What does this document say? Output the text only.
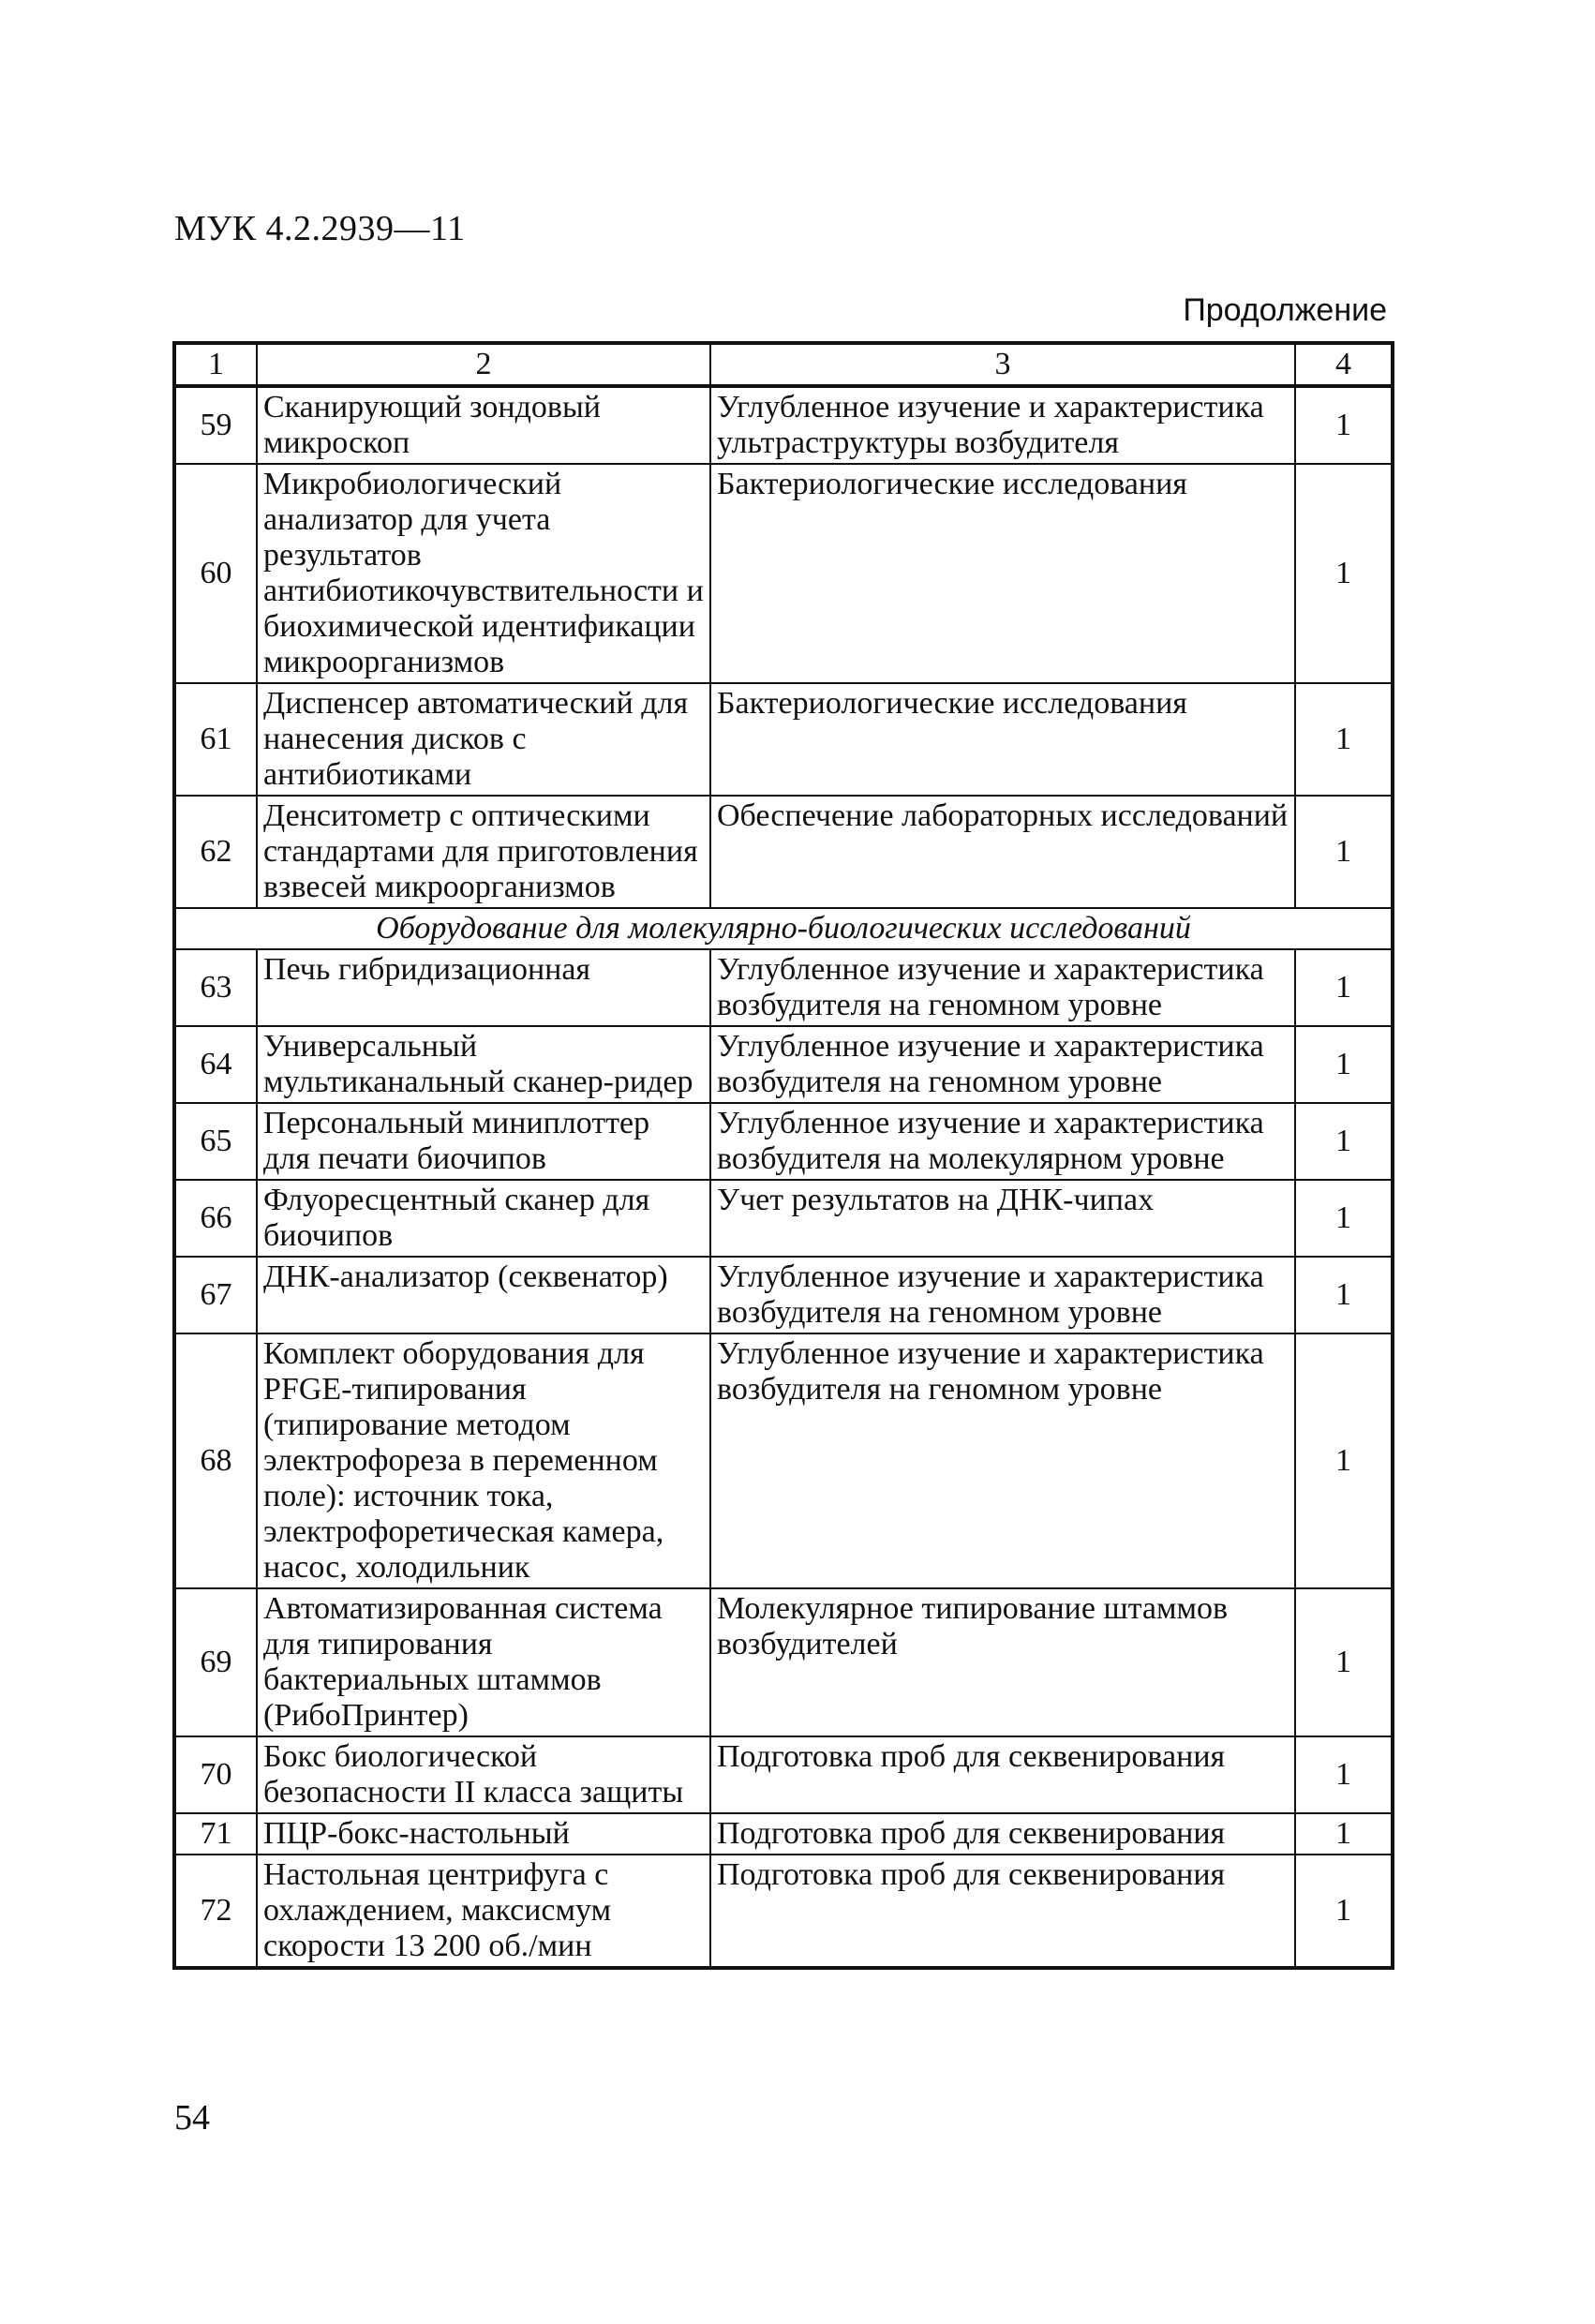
МУК 4.2.2939—11
Продолжение
1	2	3	4
59	Сканирующий зондовый микроскоп	Углубленное изучение и характеристика ультраструктуры возбудителя	1
60	Микробиологический анализатор для учета результатов антибиотикочувствительности и биохимической идентификации микроорганизмов	Бактериологические исследования	1
61	Диспенсер автоматический для нанесения дисков с антибиотиками	Бактериологические исследования	1
62	Денситометр с оптическими стандартами для приготовления взвесей микроорганизмов	Обеспечение лабораторных исследований	1
Оборудование для молекулярно-биологических исследований			
63	Печь гибридизационная	Углубленное изучение и характеристика возбудителя на геномном уровне	1
64	Универсальный мультиканальный сканер-ридер	Углубленное изучение и характеристика возбудителя на геномном уровне	1
65	Персональный миниплоттер для печати биочипов	Углубленное изучение и характеристика возбудителя на молекулярном уровне	1
66	Флуоресцентный сканер для биочипов	Учет результатов на ДНК-чипах	1
67	ДНК-анализатор (секвенатор)	Углубленное изучение и характеристика возбудителя на геномном уровне	1
68	Комплект оборудования для PFGE-типирования (типирование методом электрофореза в переменном поле): источник тока, электрофоретическая камера, насос, холодильник	Углубленное изучение и характеристика возбудителя на геномном уровне	1
69	Автоматизированная система для типирования бактериальных штаммов (РибоПринтер)	Молекулярное типирование штаммов возбудителей	1
70	Бокс биологической безопасности II класса защиты	Подготовка проб для секвенирования	1
71	ПЦР-бокс-настольный	Подготовка проб для секвенирования	1
72	Настольная центрифуга с охлаждением, максисмум скорости 13 200 об./мин	Подготовка проб для секвенирования	1
54
